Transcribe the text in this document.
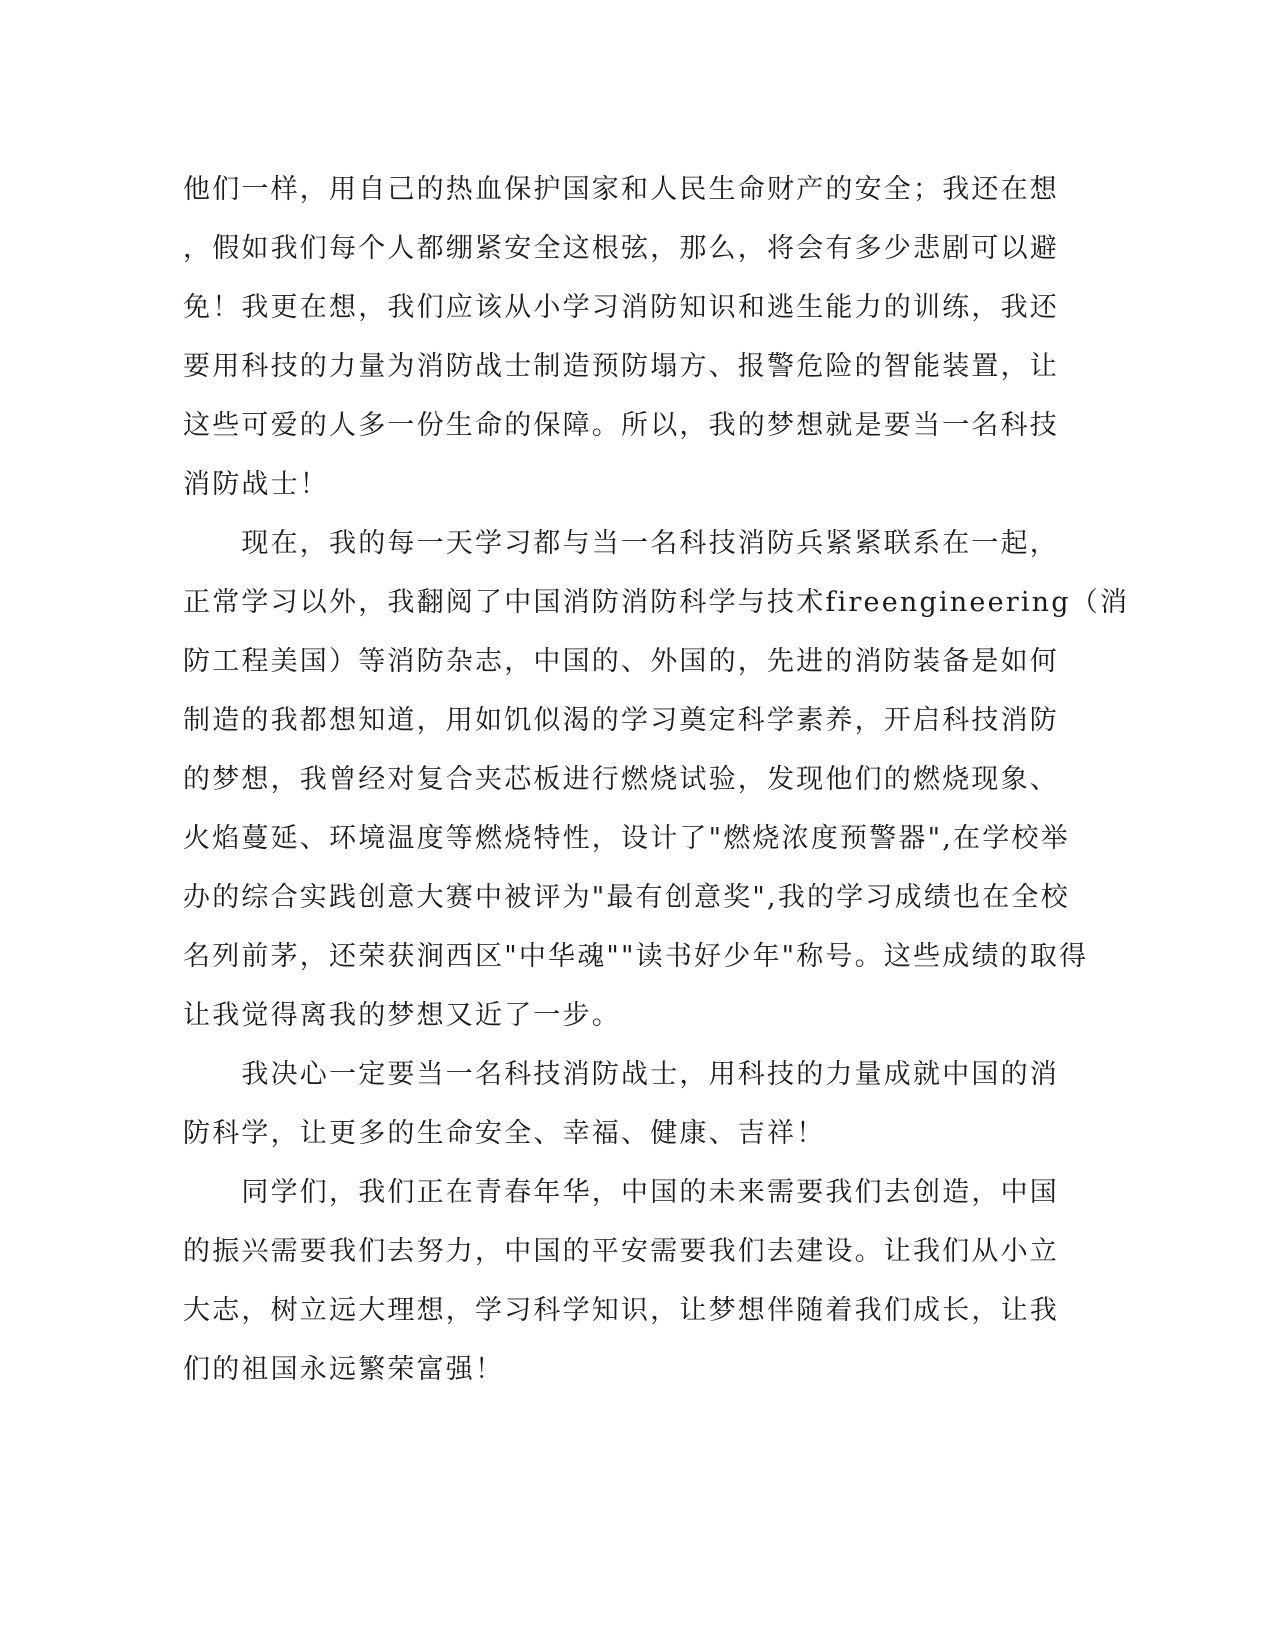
他们一样，用自己的热血保护国家和人民生命财产的安全；我还在想
，假如我们每个人都绷紧安全这根弦，那么，将会有多少悲剧可以避
免！我更在想，我们应该从小学习消防知识和逃生能力的训练，我还
要用科技的力量为消防战士制造预防塌方、报警危险的智能装置，让
这些可爱的人多一份生命的保障。所以，我的梦想就是要当一名科技
消防战士！
　　现在，我的每一天学习都与当一名科技消防兵紧紧联系在一起，
正常学习以外，我翻阅了中国消防消防科学与技术fireengineering（消
防工程美国）等消防杂志，中国的、外国的，先进的消防装备是如何
制造的我都想知道，用如饥似渴的学习奠定科学素养，开启科技消防
的梦想，我曾经对复合夹芯板进行燃烧试验，发现他们的燃烧现象、
火焰蔓延、环境温度等燃烧特性，设计了"燃烧浓度预警器",在学校举
办的综合实践创意大赛中被评为"最有创意奖",我的学习成绩也在全校
名列前茅，还荣获涧西区"中华魂""读书好少年"称号。这些成绩的取得
让我觉得离我的梦想又近了一步。
　　我决心一定要当一名科技消防战士，用科技的力量成就中国的消
防科学，让更多的生命安全、幸福、健康、吉祥！
　　同学们，我们正在青春年华，中国的未来需要我们去创造，中国
的振兴需要我们去努力，中国的平安需要我们去建设。让我们从小立
大志，树立远大理想，学习科学知识，让梦想伴随着我们成长，让我
们的祖国永远繁荣富强！
